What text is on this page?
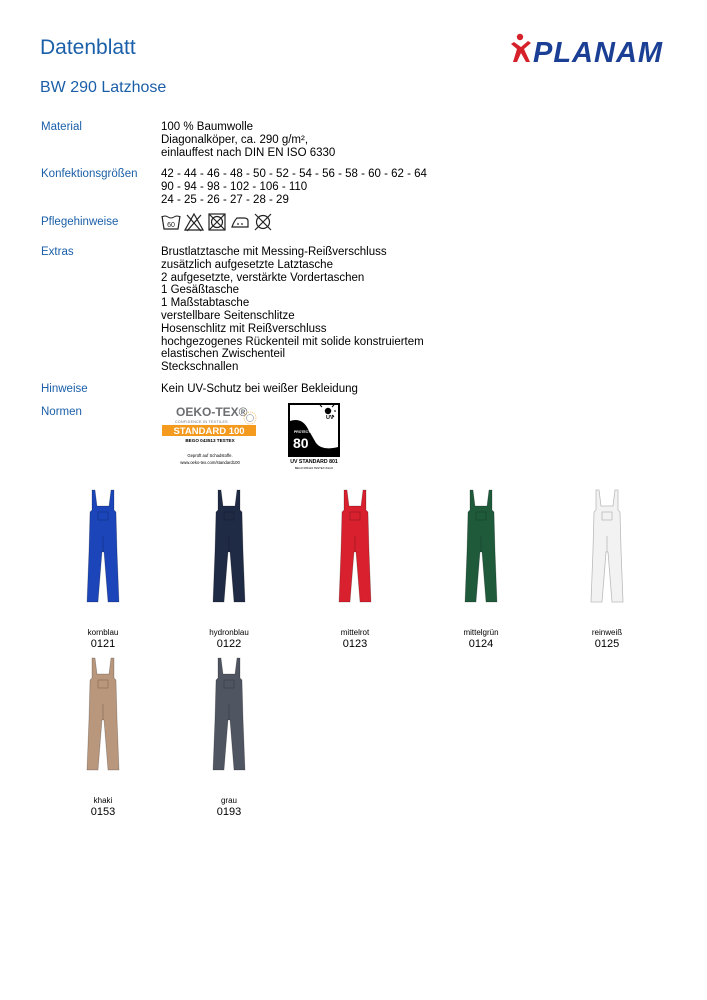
Datenblatt
BW 290 Latzhose
PLANAM
Material	100 % Baumwolle
Diagonalköper, ca. 290 g/m²,
einlauffest nach DIN EN ISO 6330
Konfektionsgrößen 42 - 44 - 46 - 48 - 50 - 52 - 54 - 56 - 58 - 60 - 62 - 64
90 - 94 - 98 - 102 - 106 - 110
24 - 25 - 26 - 27 - 28 - 29
Pflegehinweise	60
Extras	Brustlatztasche mit Messing-Reißverschluss
zusätzlich aufgesetzte Latztasche
2 aufgesetzte, verstärkte Vordertaschen
1 Gesäßtasche
1 Maßstabtasche
verstellbare Seitenschlitze
Hosenschlitz mit Reißverschluss
hochgezogenes Rückenteil mit solide konstruiertem
elastischen Zwischenteil
Steckschnallen
Hinweise	Kein UV-Schutz bei weißer Bekleidung
Normen	OEKO-TEX®
CONFIDENCE IN TEXTILES
STANDARD 100
BEGO 043513 TESTEX
Geprüft auf Schadstoffe.
www.oeko-tex.com/standard100
UV
PROTECT
80
UV STANDARD 801
BEGO 080122 TESTEX Zürich
kornblau
0121
hydronblau
0122
mittelrot
0123
mittelgrün
0124
reinweiß
0125
khaki
0153
grau
0193
